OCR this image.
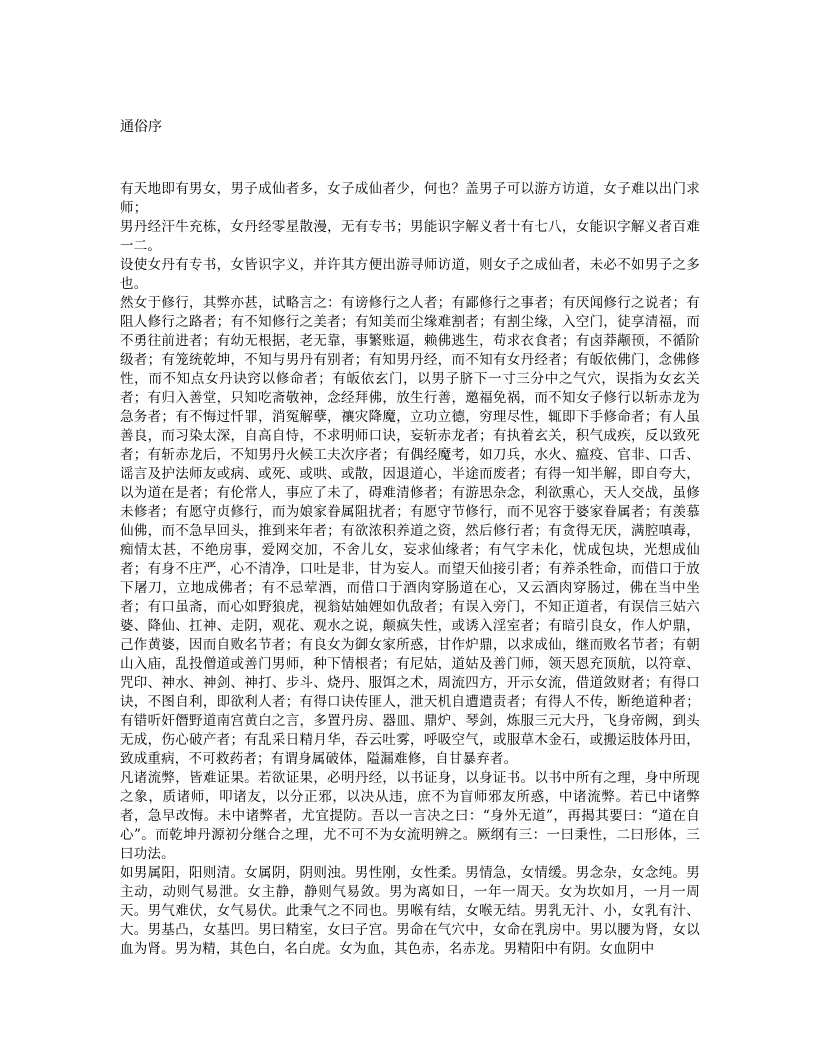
通俗序

有天地即有男女，男子成仙者多，女子成仙者少，何也？盖男子可以游方访道，女子难以出门求师；

男丹经汗牛充栋，女丹经零星散漫，无有专书；男能识字解义者十有七八，女能识字解义者百难一二。

设使女丹有专书，女皆识字义，并许其方便出游寻师访道，则女子之成仙者，未必不如男子之多也。

然女于修行，其弊亦甚，试略言之：有谤修行之人者；有鄙修行之事者；有厌闻修行之说者；有阻人修行之路者；有不知修行之美者；有知美而尘缘难割者；有割尘缘，入空门，徒享清福，而不勇往前进者；有幼无根据，老无靠，事繁账逼，赖佛逃生，苟求衣食者；有卤莽颟顸，不循阶级者；有笼统乾坤，不知与男丹有别者；有知男丹经，而不知有女丹经者；有皈依佛门，念佛修性，而不知点女丹诀窍以修命者；有皈依玄门，以男子脐下一寸三分中之气穴，误指为女玄关者；有归入善堂，只知吃斋敬神，念经拜佛，放生行善，邀福免祸，而不知女子修行以斩赤龙为急务者；有不悔过忏罪，消冤解孽，禳灾降魔，立功立德，穷理尽性，辄即下手修命者；有人虽善良，而习染太深，自高自恃，不求明师口诀，妄斩赤龙者；有执着玄关，积气成疾，反以致死者；有斩赤龙后，不知男丹火候工夫次序者；有偶经魔考，如刀兵，水火、瘟疫、官非、口舌、谣言及护法师友或病、或死、或哄、或散，因退道心，半途而废者；有得一知半解，即自夸大，以为道在是者；有伦常人，事应了未了，碍难清修者；有游思杂念，利欲熏心，天人交战，虽修未修者；有愿守贞修行，而为娘家眷属阻扰者；有愿守节修行，而不见容于婆家眷属者；有羡慕仙佛，而不急早回头，推到来年者；有欲浓积养道之资，然后修行者；有贪得无厌，满腔嗔毒，痴情太甚，不绝房事，爱网交加，不舍儿女，妄求仙缘者；有气字未化，忧成包块，光想成仙者；有身不庄严，心不清净，口吐是非，甘为妄人。而望天仙接引者；有养杀牲命，而借口于放下屠刀，立地成佛者；有不忌荤酒，而借口于酒肉穿肠道在心，又云酒肉穿肠过，佛在当中坐者；有口虽斋，而心如野狼虎，视翁姑妯娌如仇敌者；有误入旁门，不知正道者，有误信三姑六婆、降仙、扛神、走阴，观花、观水之说，颠疯失性，或诱入淫室者；有暗引良女，作人炉鼎，己作黄婆，因而自败名节者；有良女为御女家所惑，甘作炉鼎，以求成仙，继而败名节者；有朝山入庙，乱投僧道或善门男师，种下情根者；有尼姑，道姑及善门师，领天恩充顶航，以符章、咒印、神水、神剑、神打、步斗、烧丹、服饵之术，周流四方，开示女流，借道敛财者；有得口诀，不图自利，即欲利人者；有得口诀传匪人，泄天机自遭遣责者；有得人不传，断绝道种者；有错听奸僭野道南宫黄白之言，多置丹房、器皿、鼎炉、琴剑，炼服三元大丹，飞身帝阙，到头无成，伤心破产者；有乱采日精月华，吞云吐雾，呼吸空气，或服草木金石，或搬运肢体丹田，致成重病，不可救药者；有谓身属破体，隘漏难修，自甘暴弃者。

凡诸流弊，皆难证果。若欲证果，必明丹经，以书证身，以身证书。以书中所有之理，身中所现之象，质诸师，叩诸友，以分正邪，以决从违，庶不为盲师邪友所惑，中诸流弊。若已中诸弊者，急早改悔。未中诸弊者，尤宜提防。吾以一言决之曰：“身外无道”，再揭其要曰：“道在自心”。而乾坤丹源初分继合之理，尤不可不为女流明辨之。厥纲有三：一曰秉性，二曰形体，三曰功法。

如男属阳，阳则清。女属阴，阴则浊。男性刚，女性柔。男情急，女情缓。男念杂，女念纯。男主动，动则气易泄。女主静，静则气易敛。男为离如日，一年一周天。女为坎如月，一月一周天。男气难伏，女气易伏。此秉气之不同也。男喉有结，女喉无结。男乳无汁、小，女乳有汁、大。男基凸，女基凹。男曰精室，女曰子宫。男命在气穴中，女命在乳房中。男以腰为肾，女以血为肾。男为精，其色白，名白虎。女为血，其色赤，名赤龙。男精阳中有阴。女血阴中
